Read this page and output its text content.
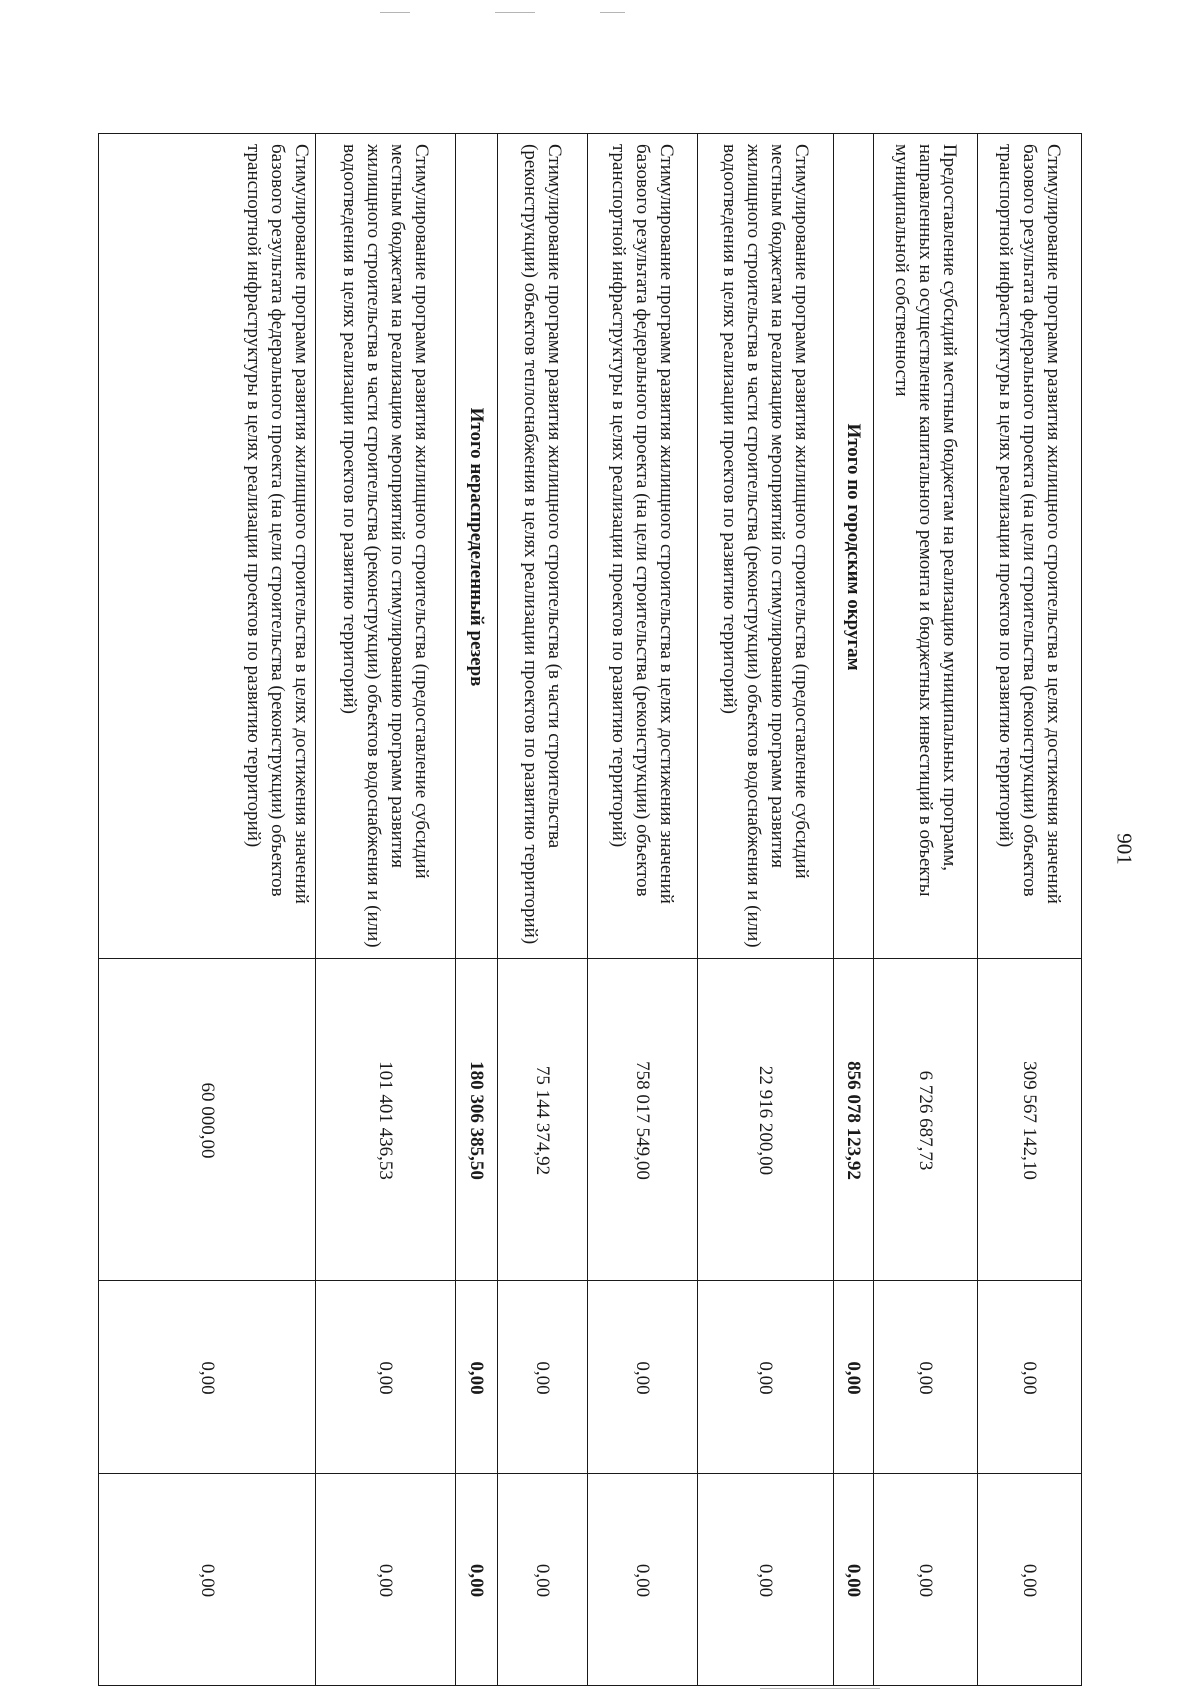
901
Стимулирование программ развития жилищного строительства в целях достижения значений базового результата федерального проекта (на цели строительства (реконструкции) объектов транспортной инфраструктуры в целях реализации проектов по развитию территорий)	309 567 142,10	0,00	0,00
Предоставление субсидий местным бюджетам на реализацию муниципальных программ, направленных на осуществление капитального ремонта и бюджетных инвестиций в объекты муниципальной собственности	6 726 687,73	0,00	0,00
Итого по городским округам	856 078 123,92	0,00	0,00
Стимулирование программ развития жилищного строительства (предоставление субсидий местным бюджетам на реализацию мероприятий по стимулированию программ развития жилищного строительства в части строительства (реконструкции) объектов водоснабжения и (или) водоотведения в целях реализации проектов по развитию территорий)	22 916 200,00	0,00	0,00
Стимулирование программ развития жилищного строительства в целях достижения значений базового результата федерального проекта (на цели строительства (реконструкции) объектов транспортной инфраструктуры в целях реализации проектов по развитию территорий)	758 017 549,00	0,00	0,00
Стимулирование программ развития жилищного строительства (в части строительства (реконструкции) объектов теплоснабжения в целях реализации проектов по развитию территорий)	75 144 374,92	0,00	0,00
Итого нераспределенный резерв	180 306 385,50	0,00	0,00
Стимулирование программ развития жилищного строительства (предоставление субсидий местным бюджетам на реализацию мероприятий по стимулированию программ развития жилищного строительства в части строительства (реконструкции) объектов водоснабжения и (или) водоотведения в целях реализации проектов по развитию территорий)	101 401 436,53	0,00	0,00
Стимулирование программ развития жилищного строительства в целях достижения значений базового результата федерального проекта (на цели строительства (реконструкции) объектов транспортной инфраструктуры в целях реализации проектов по развитию территорий)	60 000,00	0,00	0,00
